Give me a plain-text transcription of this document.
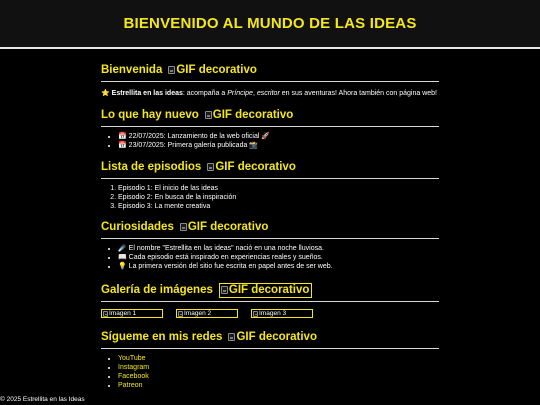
BIENVENIDO AL MUNDO DE LAS IDEAS
Bienvenida GIF decorativo

⭐ Estrellita en las ideas: acompaña a Príncipe, escritor en sus aventuras! Ahora también con página web!

Lo que hay nuevo GIF decorativo
• 📅 22/07/2025: Lanzamiento de la web oficial 🚀
• 📅 23/07/2025: Primera galería publicada 📸
Lista de episodios GIF decorativo
1. Episodio 1: El inicio de las ideas
2. Episodio 2: En busca de la inspiración
3. Episodio 3: La mente creativa
Curiosidades GIF decorativo
• ☄️ El nombre "Estrellita en las ideas" nació en una noche lluviosa.
• 📖 Cada episodio está inspirado en experiencias reales y sueños.
• 💡 La primera versión del sitio fue escrita en papel antes de ser web.
Galería de imágenes GIF decorativo
Imagen 1	Imagen 2	Imagen 3
Sígueme en mis redes GIF decorativo
• YouTube
• Instagram
• Facebook
• Patreon
© 2025 Estrellita en las Ideas
